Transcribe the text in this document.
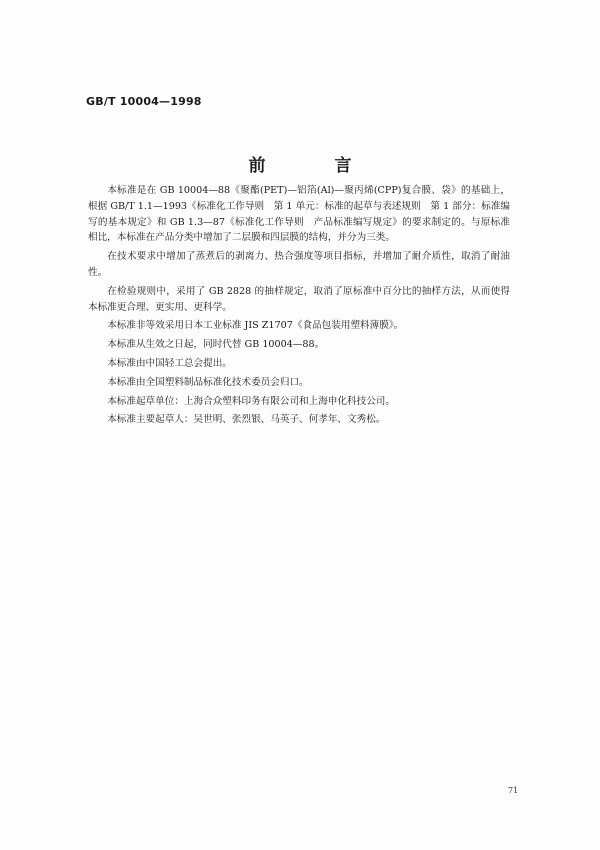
GB/T 10004—1998
前　言

本标准是在 GB 10004—88《聚酯(PET)—铝箔(Al)—聚丙烯(CPP)复合膜、袋》的基础上，根据 GB/T 1.1—1993《标准化工作导则　第 1 单元：标准的起草与表述规则　第 1 部分：标准编写的基本规定》和 GB 1.3—87《标准化工作导则　产品标准编写规定》的要求制定的。与原标准相比，本标准在产品分类中增加了二层膜和四层膜的结构，并分为三类。

在技术要求中增加了蒸煮后的剥离力、热合强度等项目指标，并增加了耐介质性，取消了耐油性。

在检验规则中，采用了 GB 2828 的抽样规定，取消了原标准中百分比的抽样方法，从而使得本标准更合理、更实用、更科学。

本标准非等效采用日本工业标准 JIS Z1707《食品包装用塑料薄膜》。

本标准从生效之日起，同时代替 GB 10004—88。

本标准由中国轻工总会提出。

本标准由全国塑料制品标准化技术委员会归口。

本标准起草单位：上海合众塑料印务有限公司和上海申化科技公司。

本标准主要起草人：吴世明、张烈银、马英子、何孝年、文秀松。

71
